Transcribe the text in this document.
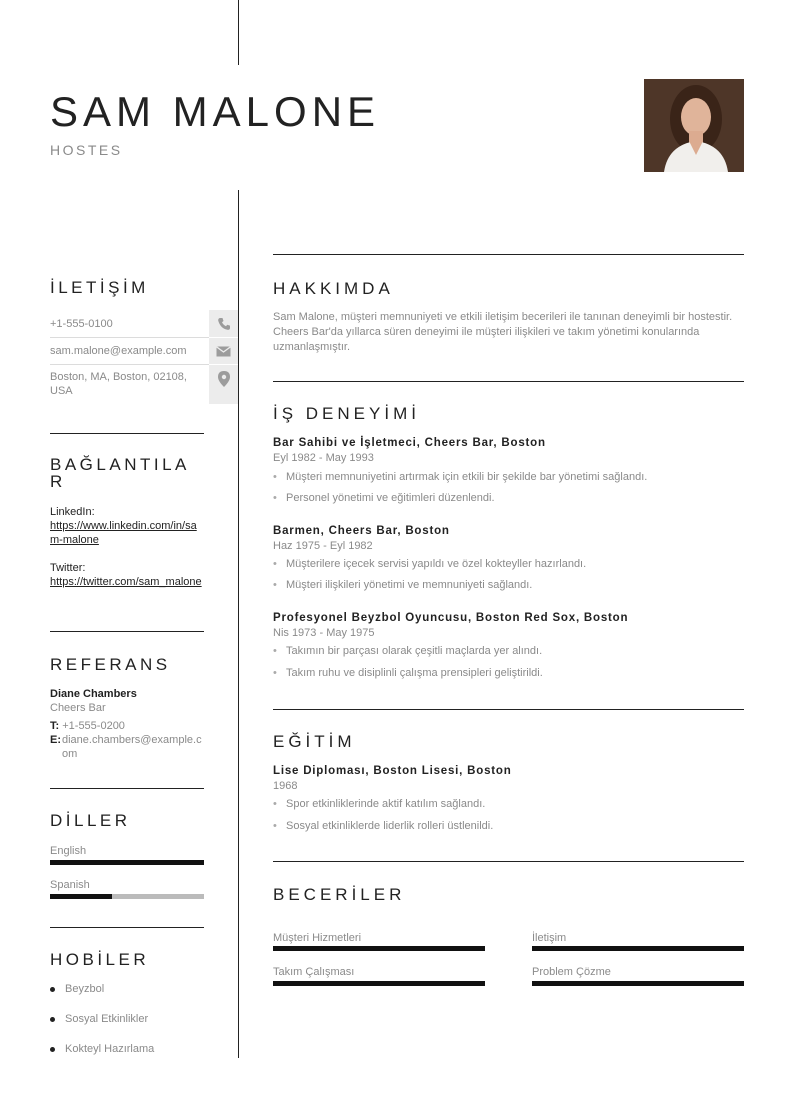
SAM MALONE
HOSTES
İLETİŞİM
+1-555-0100
sam.malone@example.com
Boston, MA, Boston, 02108, USA
BAĞLANTILA
R
LinkedIn:
https://www.linkedin.com/in/sam-malone
Twitter:
https://twitter.com/sam_malone
REFERANS
Diane Chambers
Cheers Bar
T: +1-555-0200
E: diane.chambers@example.com
DİLLER
English
Spanish
HOBİLER
Beyzbol
Sosyal Etkinlikler
Kokteyl Hazırlama
HAKKIMDA

Sam Malone, müşteri memnuniyeti ve etkili iletişim becerileri ile tanınan deneyimli bir hostestir. Cheers Bar'da yıllarca süren deneyimi ile müşteri ilişkileri ve takım yönetimi konularında uzmanlaşmıştır.

İŞ DENEYİMİ
Bar Sahibi ve İşletmeci, Cheers Bar, Boston
Eyl 1982 - May 1993
• Müşteri memnuniyetini artırmak için etkili bir şekilde bar yönetimi sağlandı.
• Personel yönetimi ve eğitimleri düzenlendi.
Barmen, Cheers Bar, Boston
Haz 1975 - Eyl 1982
• Müşterilere içecek servisi yapıldı ve özel kokteyller hazırlandı.
• Müşteri ilişkileri yönetimi ve memnuniyeti sağlandı.
Profesyonel Beyzbol Oyuncusu, Boston Red Sox, Boston
Nis 1973 - May 1975
• Takımın bir parçası olarak çeşitli maçlarda yer alındı.
• Takım ruhu ve disiplinli çalışma prensipleri geliştirildi.
EĞİTİM
Lise Diploması, Boston Lisesi, Boston
1968
• Spor etkinliklerinde aktif katılım sağlandı.
• Sosyal etkinliklerde liderlik rolleri üstlenildi.
BECERİLER
Müşteri Hizmetleri	İletişim
Takım Çalışması	Problem Çözme
